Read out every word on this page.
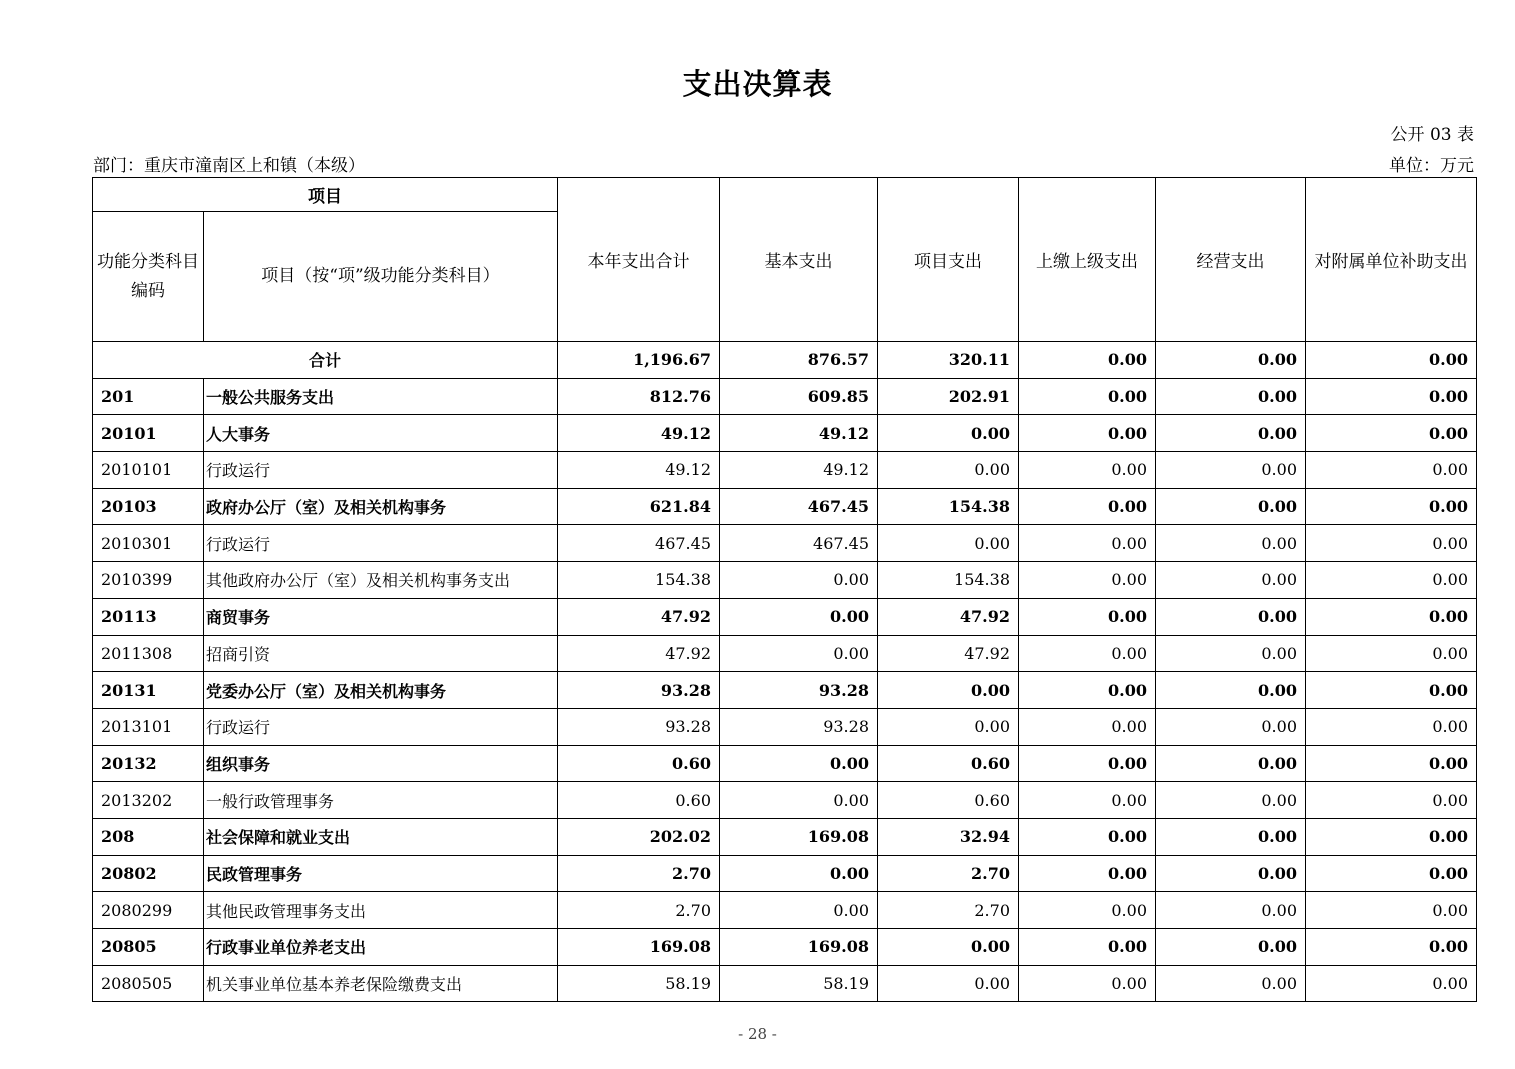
支出决算表
公开 03 表
部门：重庆市潼南区上和镇（本级）	单位：万元
项目		本年支出合计	基本支出	项目支出	上缴上级支出	经营支出	对附属单位补助支出
功能分类科目编码	项目（按“项”级功能分类科目）						
合计		1,196.67	876.57	320.11	0.00	0.00	0.00
201	一般公共服务支出	812.76	609.85	202.91	0.00	0.00	0.00
20101	人大事务	49.12	49.12	0.00	0.00	0.00	0.00
2010101	行政运行	49.12	49.12	0.00	0.00	0.00	0.00
20103	政府办公厅（室）及相关机构事务	621.84	467.45	154.38	0.00	0.00	0.00
2010301	行政运行	467.45	467.45	0.00	0.00	0.00	0.00
2010399	其他政府办公厅（室）及相关机构事务支出	154.38	0.00	154.38	0.00	0.00	0.00
20113	商贸事务	47.92	0.00	47.92	0.00	0.00	0.00
2011308	招商引资	47.92	0.00	47.92	0.00	0.00	0.00
20131	党委办公厅（室）及相关机构事务	93.28	93.28	0.00	0.00	0.00	0.00
2013101	行政运行	93.28	93.28	0.00	0.00	0.00	0.00
20132	组织事务	0.60	0.00	0.60	0.00	0.00	0.00
2013202	一般行政管理事务	0.60	0.00	0.60	0.00	0.00	0.00
208	社会保障和就业支出	202.02	169.08	32.94	0.00	0.00	0.00
20802	民政管理事务	2.70	0.00	2.70	0.00	0.00	0.00
2080299	其他民政管理事务支出	2.70	0.00	2.70	0.00	0.00	0.00
20805	行政事业单位养老支出	169.08	169.08	0.00	0.00	0.00	0.00
2080505	机关事业单位基本养老保险缴费支出	58.19	58.19	0.00	0.00	0.00	0.00
- 28 -
